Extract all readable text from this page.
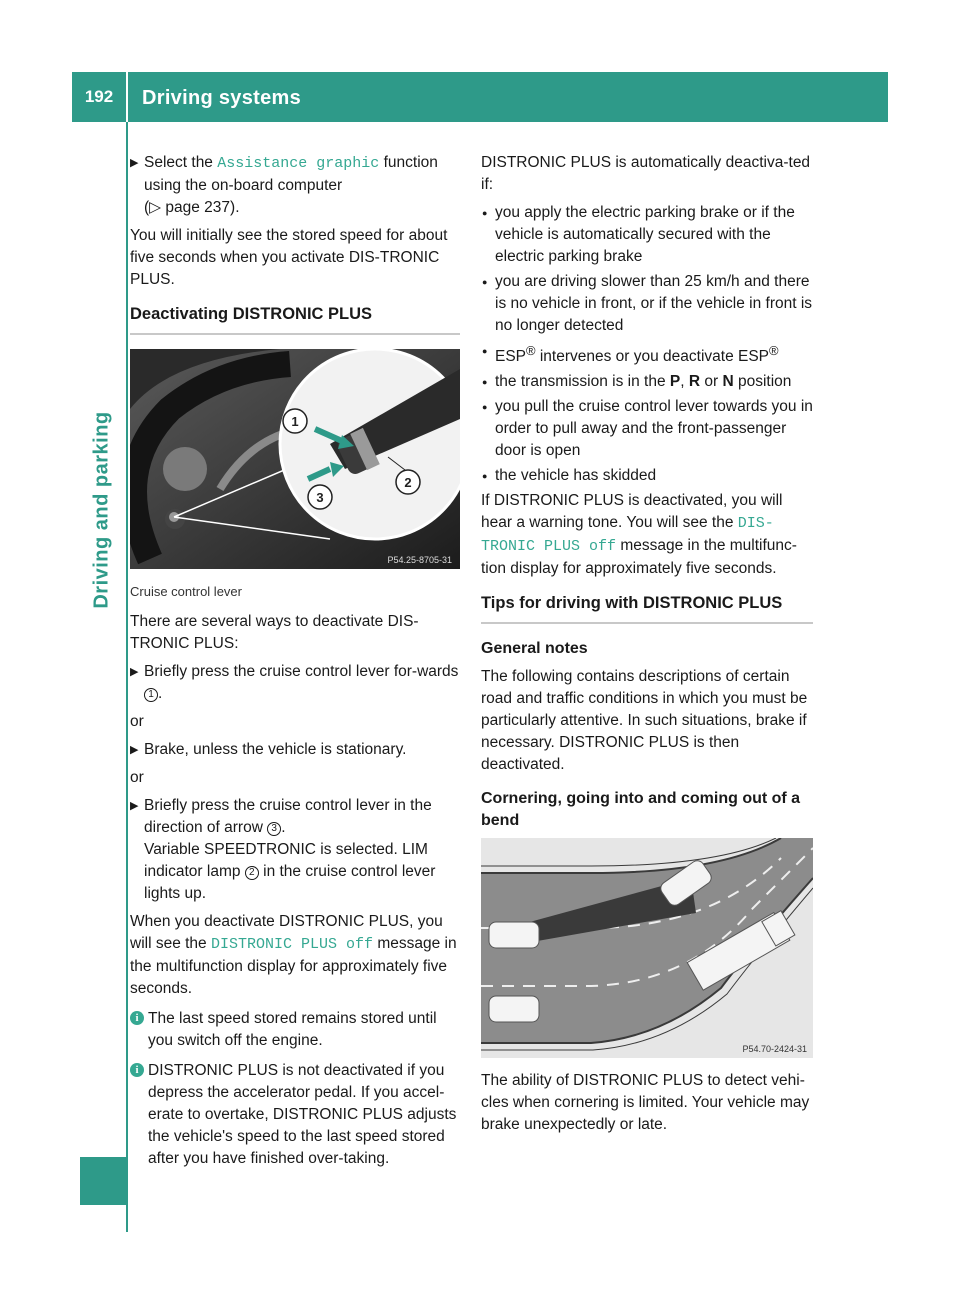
192	Driving systems
Driving and parking
▶ Select the Assistance graphic function using the on-board computer
(▷ page 237).

You will initially see the stored speed for about five seconds when you activate DIS-TRONIC PLUS.

Deactivating DISTRONIC PLUS
1
2
3
P54.25-8705-31
Cruise control lever

There are several ways to deactivate DIS-TRONIC PLUS:

▶ Briefly press the cruise control lever for-wards 1 .

or

▶ Brake, unless the vehicle is stationary.

or

▶ Briefly press the cruise control lever in the direction of arrow 3 .
Variable SPEEDTRONIC is selected. LIM indicator lamp 2 in the cruise control lever lights up.

When you deactivate DISTRONIC PLUS, you will see the DISTRONIC PLUS off message in the multifunction display for approximately five seconds.

i The last speed stored remains stored until you switch off the engine.
i DISTRONIC PLUS is not deactivated if you depress the accelerator pedal. If you accel-erate to overtake, DISTRONIC PLUS adjusts the vehicle's speed to the last speed stored after you have finished over-taking.

DISTRONIC PLUS is automatically deactiva-ted if:

● you apply the electric parking brake or if the vehicle is automatically secured with the electric parking brake
● you are driving slower than 25 km/h and there is no vehicle in front, or if the vehicle in front is no longer detected
● ESP® intervenes or you deactivate ESP®
● the transmission is in the P, R or N position
● you pull the cruise control lever towards you in order to pull away and the front-passenger door is open
● the vehicle has skidded

If DISTRONIC PLUS is deactivated, you will hear a warning tone. You will see the DIS‐ TRONIC PLUS off message in the multifunc-tion display for approximately five seconds.

Tips for driving with DISTRONIC PLUS
General notes

The following contains descriptions of certain road and traffic conditions in which you must be particularly attentive. In such situations, brake if necessary. DISTRONIC PLUS is then deactivated.

Cornering, going into and coming out of a bend
P54.70-2424-31

The ability of DISTRONIC PLUS to detect vehi-cles when cornering is limited. Your vehicle may brake unexpectedly or late.
